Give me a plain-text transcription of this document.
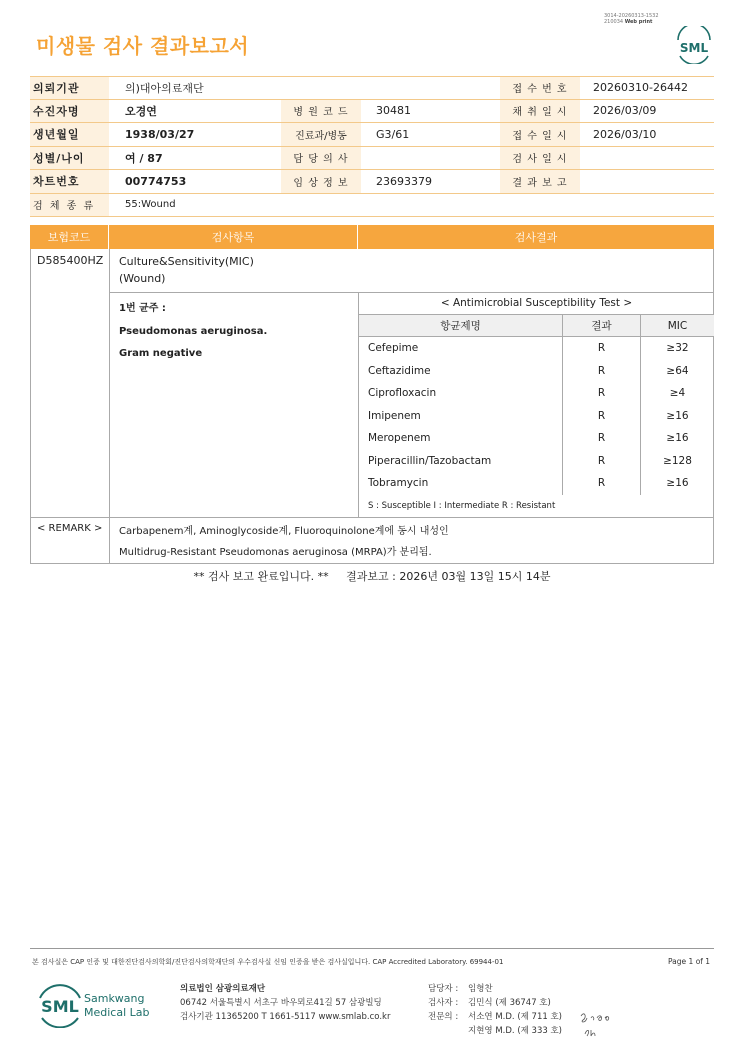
미생물 검사 결과보고서
3014-20260313-1532
210034 Web print
SML
의뢰기관	의)대아의료재단	접 수 번 호	20260310-26442
수진자명	오경연	병 원 코 드	30481	채 취 일 시	2026/03/09
생년월일	1938/03/27	진료과/병동	G3/61	접 수 일 시	2026/03/10
성별/나이	여 / 87	담 당 의 사	검 사 일 시
차트번호	00774753	임 상 정 보	23693379	결 과 보 고
검 체 종 류	55:Wound
보험코드	검사항목	검사결과
D585400HZ Culture&Sensitivity(MIC)
(Wound)
1번 균주 :
Pseudomonas aeruginosa.
Gram negative
< Antimicrobial Susceptibility Test >
항균제명	결과	MIC
Cefepime	R	≥32
Ceftazidime	R	≥64
Ciprofloxacin	R	≥4
Imipenem	R	≥16
Meropenem	R	≥16
Piperacillin/Tazobactam	R	≥128
Tobramycin	R	≥16
S : Susceptible I : Intermediate R : Resistant
< REMARK > Carbapenem계, Aminoglycoside계, Fluoroquinolone계에 동시 내성인
Multidrug-Resistant Pseudomonas aeruginosa (MRPA)가 분리됨.
** 검사 보고 완료입니다. **     결과보고 : 2026년 03월 13일 15시 14분
본 검사실은 CAP 인증 및 대한진단검사의학회/진단검사의학재단의 우수검사실 신임 인증을 받은 검사실입니다. CAP Accredited Laboratory. 69944-01	Page 1 of 1
SML Samkwang
Medical Lab
의료법인 삼광의료재단
06742 서울특별시 서초구 바우뫼로41길 57 삼광빌딩
검사기관 11365200 T 1661-5117 www.smlab.co.kr
담당자 :	임형찬
검사자 :	김민식 (제 36747 호)
전문의 :	서소연 M.D. (제 711 호)
지현영 M.D. (제 333 호)
